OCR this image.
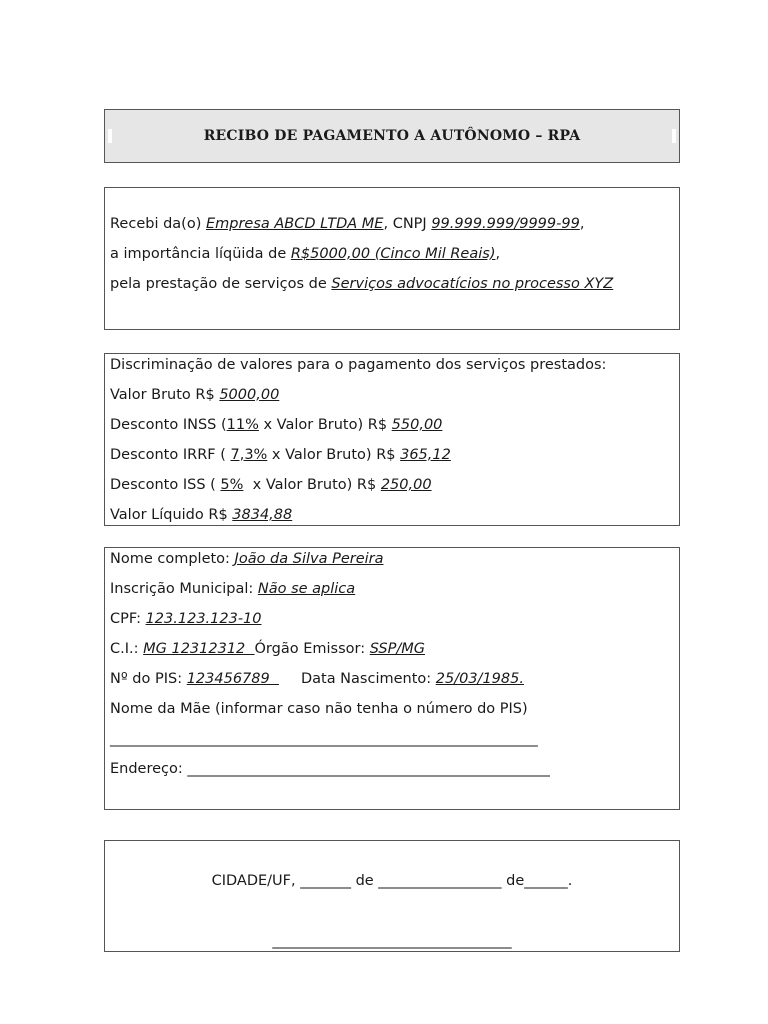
RECIBO DE PAGAMENTO A AUTÔNOMO – RPA
Recebi da(o) Empresa ABCD LTDA ME, CNPJ 99.999.999/9999-99,
a importância líqüida de R$5000,00 (Cinco Mil Reais),
pela prestação de serviços de Serviços advocatícios no processo XYZ
Discriminação de valores para o pagamento dos serviços prestados:
Valor Bruto R$ 5000,00
Desconto INSS (11% x Valor Bruto) R$ 550,00
Desconto IRRF ( 7,3% x Valor Bruto) R$ 365,12
Desconto ISS ( 5%  x Valor Bruto) R$ 250,00
Valor Líquido R$ 3834,88
Nome completo: João da Silva Pereira
Inscrição Municipal: Não se aplica
CPF: 123.123.123-10
C.I.: MG 12312312  Órgão Emissor: SSP/MG
Nº do PIS: 123456789  Data Nascimento: 25/03/1985.
Nome da Mãe (informar caso não tenha o número do PIS)
___________________________________________________________
Endereço: __________________________________________________
CIDADE/UF, _______ de _________________ de______.
_________________________________
